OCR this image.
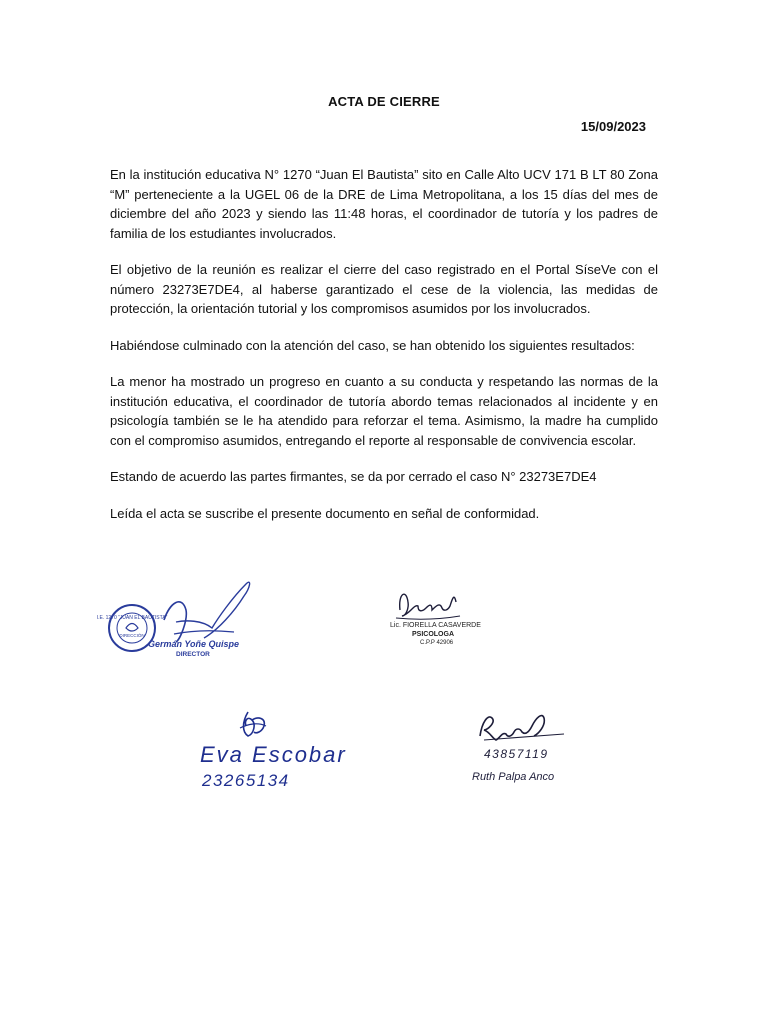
ACTA DE CIERRE
15/09/2023

En la institución educativa N° 1270 “Juan El Bautista” sito en Calle Alto UCV 171 B LT 80 Zona “M” perteneciente a la UGEL 06 de la DRE de Lima Metropolitana, a los 15 días del mes de diciembre del año 2023 y siendo las 11:48 horas, el coordinador de tutoría y los padres de familia de los estudiantes involucrados.

El objetivo de la reunión es realizar el cierre del caso registrado en el Portal SíseVe con el número 23273E7DE4, al haberse garantizado el cese de la violencia, las medidas de protección, la orientación tutorial y los compromisos asumidos por los involucrados.

Habiéndose culminado con la atención del caso, se han obtenido los siguientes resultados:

La menor ha mostrado un progreso en cuanto a su conducta y respetando las normas de la institución educativa, el coordinador de tutoría abordo temas relacionados al incidente y en psicología también se le ha atendido para reforzar el tema. Asimismo, la madre ha cumplido con el compromiso asumidos, entregando el reporte al responsable de convivencia escolar.

Estando de acuerdo las partes firmantes, se da por cerrado el caso N° 23273E7DE4

Leída el acta se suscribe el presente documento en señal de conformidad.

I.E. 1270 “JUAN EL BAUTISTA”
DIRECCIÓN
Germán Yoñe Quispe
DIRECTOR
Lic. FIORELLA CASAVERDE
PSICOLOGA
C.P.P 42906
Eva Escobar
23265134
43857119
Ruth Palpa Anco
